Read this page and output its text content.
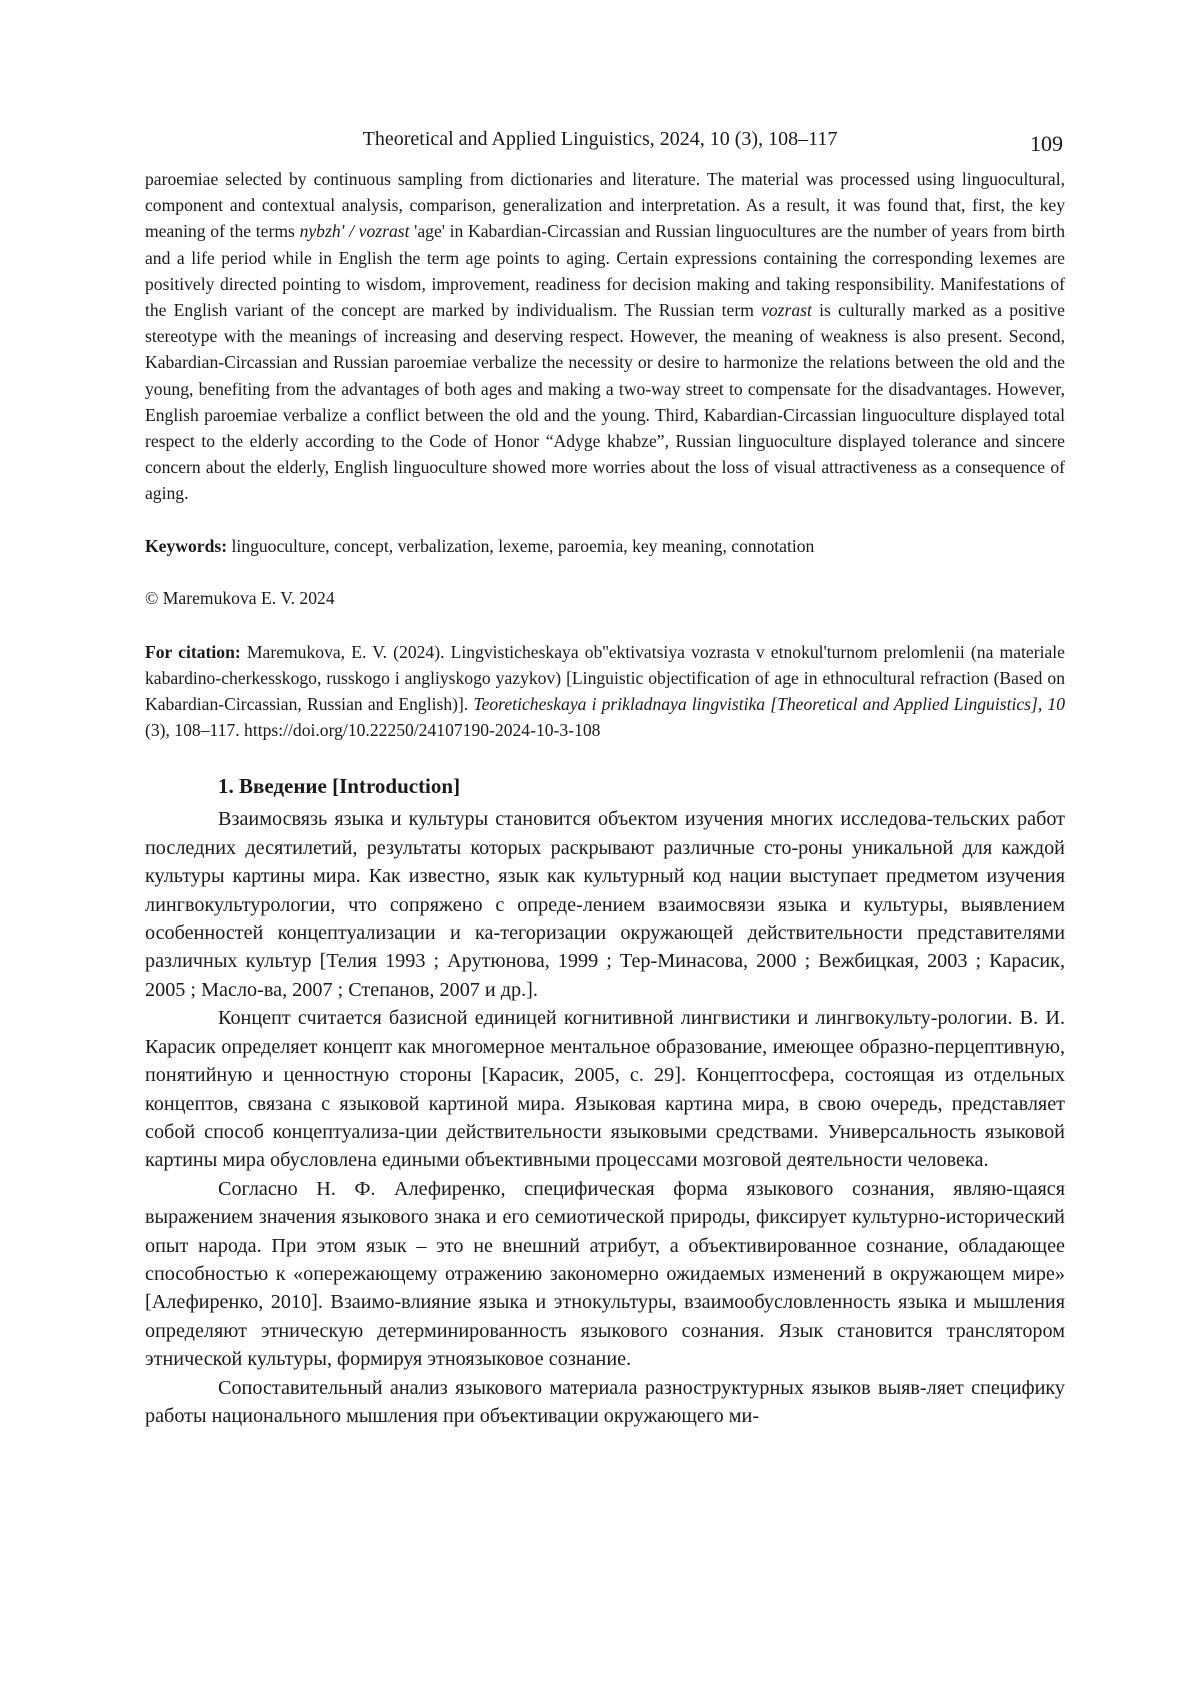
Theoretical and Applied Linguistics, 2024, 10 (3), 108–117	109

paroemiae selected by continuous sampling from dictionaries and literature. The material was processed using linguocultural, component and contextual analysis, comparison, generalization and interpretation. As a result, it was found that, first, the key meaning of the terms nybzh' / vozrast 'age' in Kabardian-Circassian and Russian linguocultures are the number of years from birth and a life period while in English the term age points to aging. Certain expressions containing the corresponding lexemes are positively directed pointing to wisdom, improvement, readiness for decision making and taking responsibility. Manifestations of the English variant of the concept are marked by individualism. The Russian term vozrast is culturally marked as a positive stereotype with the meanings of increasing and deserving respect. However, the meaning of weakness is also present. Second, Kabardian-Circassian and Russian paroemiae verbalize the necessity or desire to harmonize the relations between the old and the young, benefiting from the advantages of both ages and making a two-way street to compensate for the disadvantages. However, English paroemiae verbalize a conflict between the old and the young. Third, Kabardian-Circassian linguoculture displayed total respect to the elderly according to the Code of Honor “Adyge khabze”, Russian linguoculture displayed tolerance and sincere concern about the elderly, English linguoculture showed more worries about the loss of visual attractiveness as a consequence of aging.

Keywords: linguoculture, concept, verbalization, lexeme, paroemia, key meaning, connotation

© Maremukova E. V. 2024

For citation: Maremukova, E. V. (2024). Lingvisticheskaya ob''ektivatsiya vozrasta v etnokul'turnom prelomlenii (na materiale kabardino-cherkesskogo, russkogo i angliyskogo yazykov) [Linguistic objectification of age in ethnocultural refraction (Based on Kabardian-Circassian, Russian and English)]. Teoreticheskaya i prikladnaya lingvistika [Theoretical and Applied Linguistics], 10 (3), 108–117. https://doi.org/10.22250/24107190-2024-10-3-108

1. Введение [Introduction]

Взаимосвязь языка и культуры становится объектом изучения многих исследова-тельских работ последних десятилетий, результаты которых раскрывают различные сто-роны уникальной для каждой культуры картины мира. Как известно, язык как культурный код нации выступает предметом изучения лингвокультурологии, что сопряжено с опреде-лением взаимосвязи языка и культуры, выявлением особенностей концептуализации и ка-тегоризации окружающей действительности представителями различных культур [Телия 1993 ; Арутюнова, 1999 ; Тер-Минасова, 2000 ; Вежбицкая, 2003 ; Карасик, 2005 ; Масло-ва, 2007 ; Степанов, 2007 и др.].

Концепт считается базисной единицей когнитивной лингвистики и лингвокульту-рологии. В. И. Карасик определяет концепт как многомерное ментальное образование, имеющее образно-перцептивную, понятийную и ценностную стороны [Карасик, 2005, с. 29]. Концептосфера, состоящая из отдельных концептов, связана с языковой картиной мира. Языковая картина мира, в свою очередь, представляет собой способ концептуализа-ции действительности языковыми средствами. Универсальность языковой картины мира обусловлена едиными объективными процессами мозговой деятельности человека.

Согласно Н. Ф. Алефиренко, специфическая форма языкового сознания, являю-щаяся выражением значения языкового знака и его семиотической природы, фиксирует культурно-исторический опыт народа. При этом язык – это не внешний атрибут, а объективированное сознание, обладающее способностью к «опережающему отражению закономерно ожидаемых изменений в окружающем мире» [Алефиренко, 2010]. Взаимо-влияние языка и этнокультуры, взаимообусловленность языка и мышления определяют этническую детерминированность языкового сознания. Язык становится транслятором этнической культуры, формируя этноязыковое сознание.

Сопоставительный анализ языкового материала разноструктурных языков выяв-ляет специфику работы национального мышления при объективации окружающего ми-
